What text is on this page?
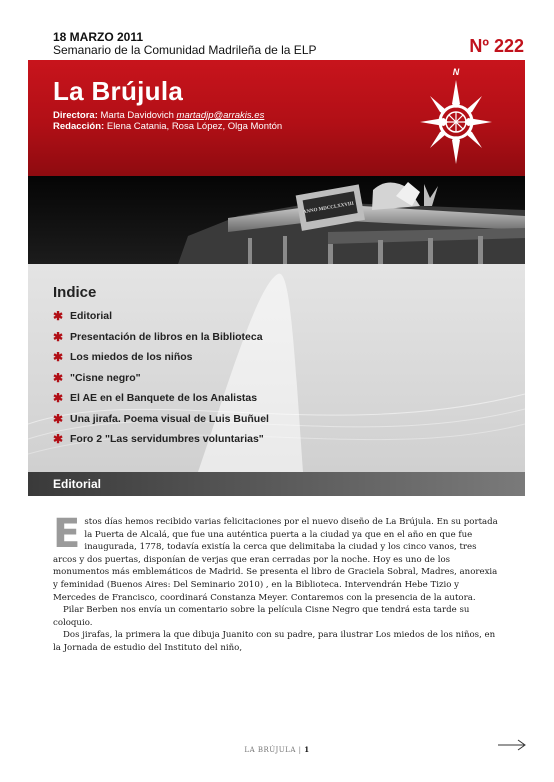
18 MARZO 2011
Semanario de la Comunidad Madrileña de la ELP	Nº 222
La Brújula
Directora: Marta Davidovich martadjp@arrakis.es
Redacción: Elena Catania, Rosa López, Olga Montón
N
ANNO MDCCLXXVIII
Indice
✱ Editorial
✱ Presentación de libros en la Biblioteca
✱ Los miedos de los niños
✱ "Cisne negro"
✱ El AE en el Banquete de los Analistas
✱ Una jirafa. Poema visual de Luis Buñuel
✱ Foro 2 "Las servidumbres voluntarias"
Editorial

Estos días hemos recibido varias felicitaciones por el nuevo diseño de La Brújula. En su portada la Puerta de Alcalá, que fue una auténtica puerta a la ciudad ya que en el año en que fue inaugurada, 1778, todavía existía la cerca que delimitaba la ciudad y los cinco vanos, tres arcos y dos puertas, disponían de verjas que eran cerradas por la noche. Hoy es uno de los monumentos más emblemáticos de Madrid. Se presenta el libro de Graciela Sobral, Madres, anorexia y feminidad (Buenos Aires: Del Seminario 2010) , en la Biblioteca. Intervendrán Hebe Tizio y Mercedes de Francisco, coordinará Constanza Meyer. Contaremos con la presencia de la autora.

Pilar Berben nos envía un comentario sobre la película Cisne Negro que tendrá esta tarde su coloquio.

Dos jirafas, la primera la que dibuja Juanito con su padre, para ilustrar Los miedos de los niños, en la Jornada de estudio del Instituto del niño,

LA BRÚJULA | 1
